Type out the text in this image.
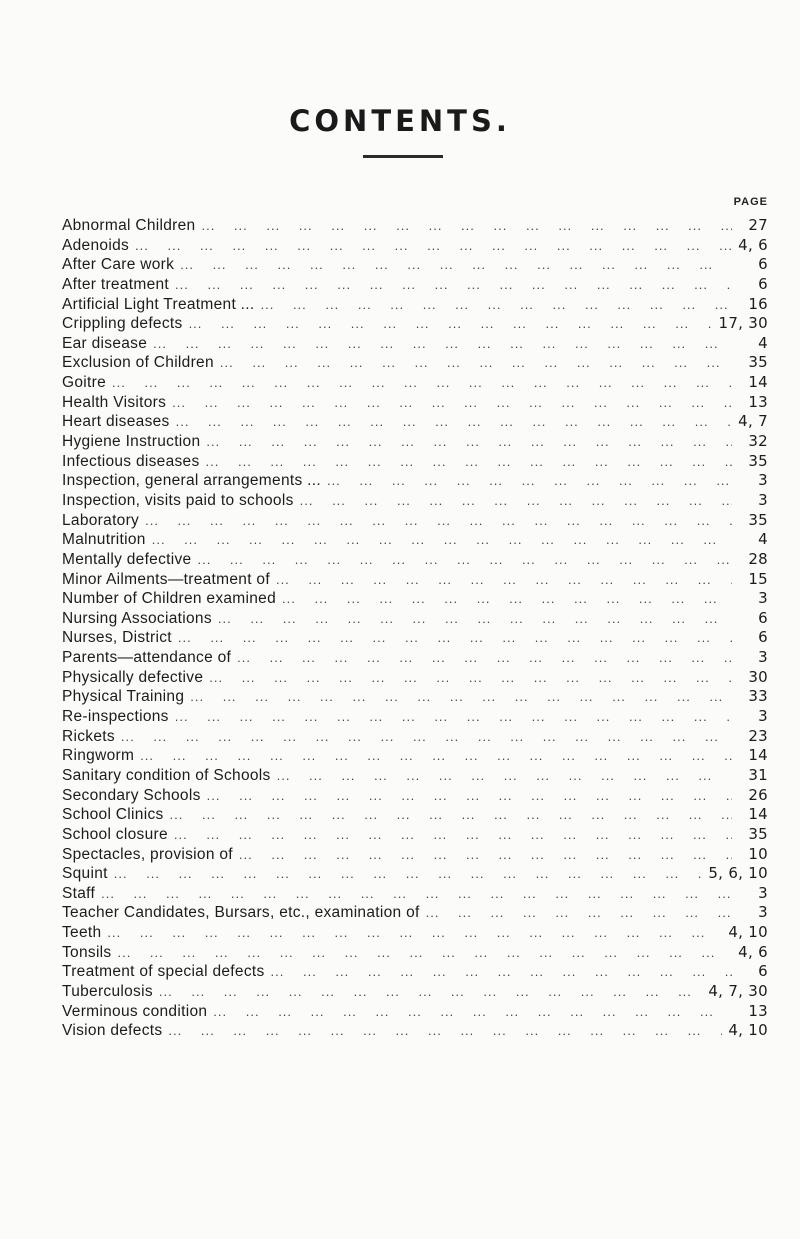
CONTENTS.
PAGE
Abnormal Children ...	27
Adenoids ...	4, 6
After Care work ...	6
After treatment ...	6
Artificial Light Treatment ... ...	16
Crippling defects ...	17, 30
Ear disease ...	4
Exclusion of Children ...	35
Goitre ...	14
Health Visitors ...	13
Heart diseases ...	4, 7
Hygiene Instruction ...	32
Infectious diseases ...	35
Inspection, general arrangements ... ...	3
Inspection, visits paid to schools ...	3
Laboratory ...	35
Malnutrition ...	4
Mentally defective ...	28
Minor Ailments—treatment of ...	15
Number of Children examined ...	3
Nursing Associations ...	6
Nurses, District ...	6
Parents—attendance of ...	3
Physically defective ...	30
Physical Training ...	33
Re-inspections ...	3
Rickets ...	23
Ringworm ...	14
Sanitary condition of Schools ...	31
Secondary Schools ...	26
School Clinics ...	14
School closure ...	35
Spectacles, provision of ...	10
Squint ...	5, 6, 10
Staff ...	3
Teacher Candidates, Bursars, etc., examination of ...	3
Teeth ...	4, 10
Tonsils ...	4, 6
Treatment of special defects ...	6
Tuberculosis ...	4, 7, 30
Verminous condition ...	13
Vision defects ...	4, 10
